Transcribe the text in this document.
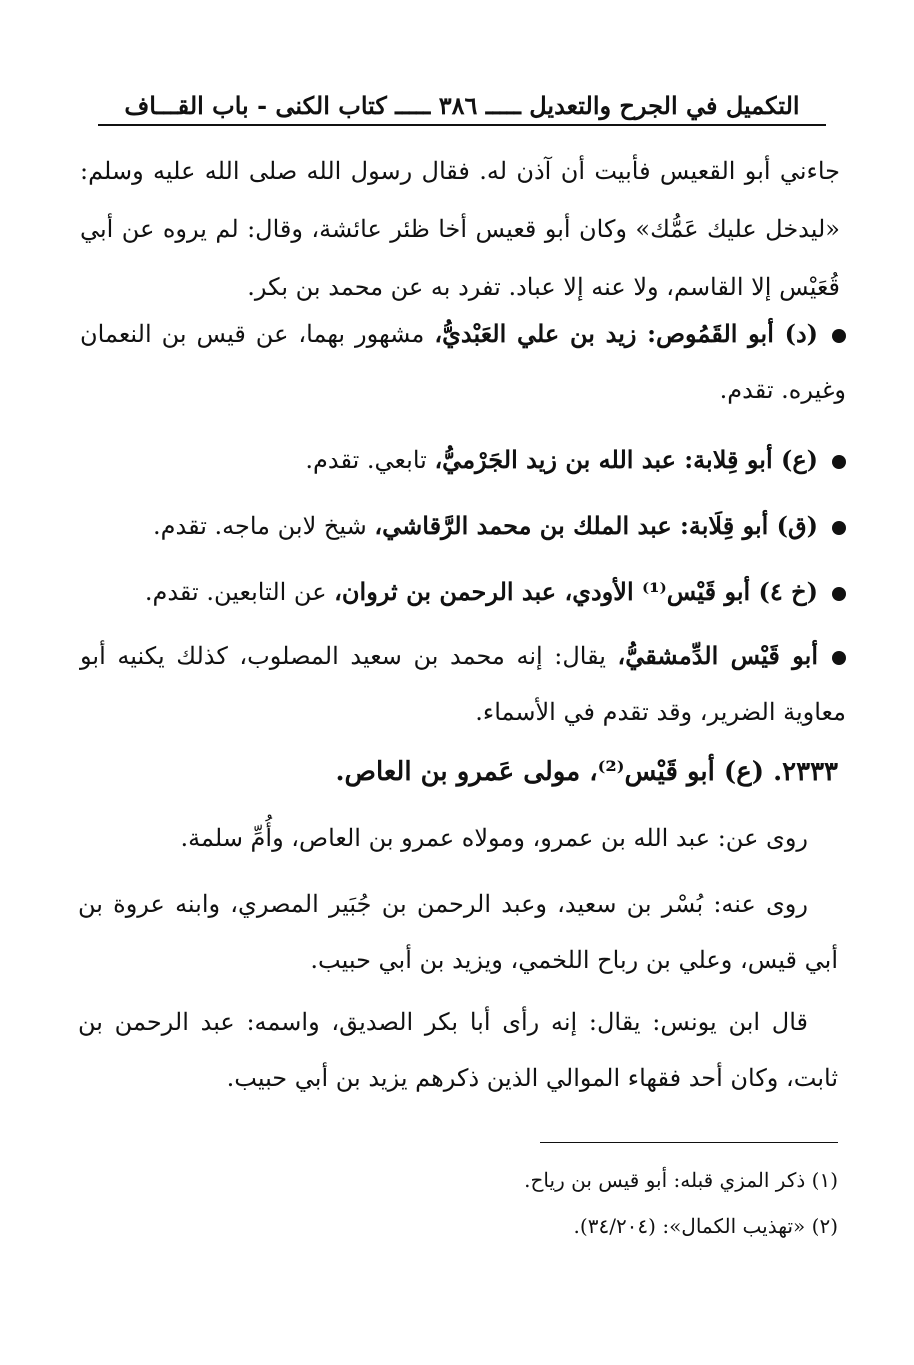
التكميل في الجرح والتعديل ـــــ ٣٨٦ ـــــ كتاب الكنى - باب القـــاف
جاءني أبو القعيس فأبيت أن آذن له. فقال رسول الله صلى الله عليه وسلم: «ليدخل عليك عَمُّك» وكان أبو قعيس أخا ظئر عائشة، وقال: لم يروه عن أبي قُعَيْس إلا القاسم، ولا عنه إلا عباد. تفرد به عن محمد بن بكر.
(د) أبو القَمُوص: زيد بن علي العَبْديُّ، مشهور بهما، عن قيس بن النعمان وغيره. تقدم.
(ع) أبو قِلابة: عبد الله بن زيد الجَرْميُّ، تابعي. تقدم.
(ق) أبو قِلَابة: عبد الملك بن محمد الرَّقاشي، شيخ لابن ماجه. تقدم.
(خ ٤) أبو قَيْس⁽¹⁾ الأودي، عبد الرحمن بن ثروان، عن التابعين. تقدم.
أبو قَيْس الدِّمشقيُّ، يقال: إنه محمد بن سعيد المصلوب، كذلك يكنيه أبو معاوية الضرير، وقد تقدم في الأسماء.
٢٣٣٣. (ع) أبو قَيْس⁽²⁾، مولى عَمرو بن العاص.
روى عن: عبد الله بن عمرو، ومولاه عمرو بن العاص، وأُمِّ سلمة.
روى عنه: بُسْر بن سعيد، وعبد الرحمن بن جُبَير المصري، وابنه عروة بن أبي قيس، وعلي بن رباح اللخمي، ويزيد بن أبي حبيب.
قال ابن يونس: يقال: إنه رأى أبا بكر الصديق، واسمه: عبد الرحمن بن ثابت، وكان أحد فقهاء الموالي الذين ذكرهم يزيد بن أبي حبيب.
(١) ذكر المزي قبله: أبو قيس بن رياح.
(٢) «تهذيب الكمال»: (٣٤/٢٠٤).
